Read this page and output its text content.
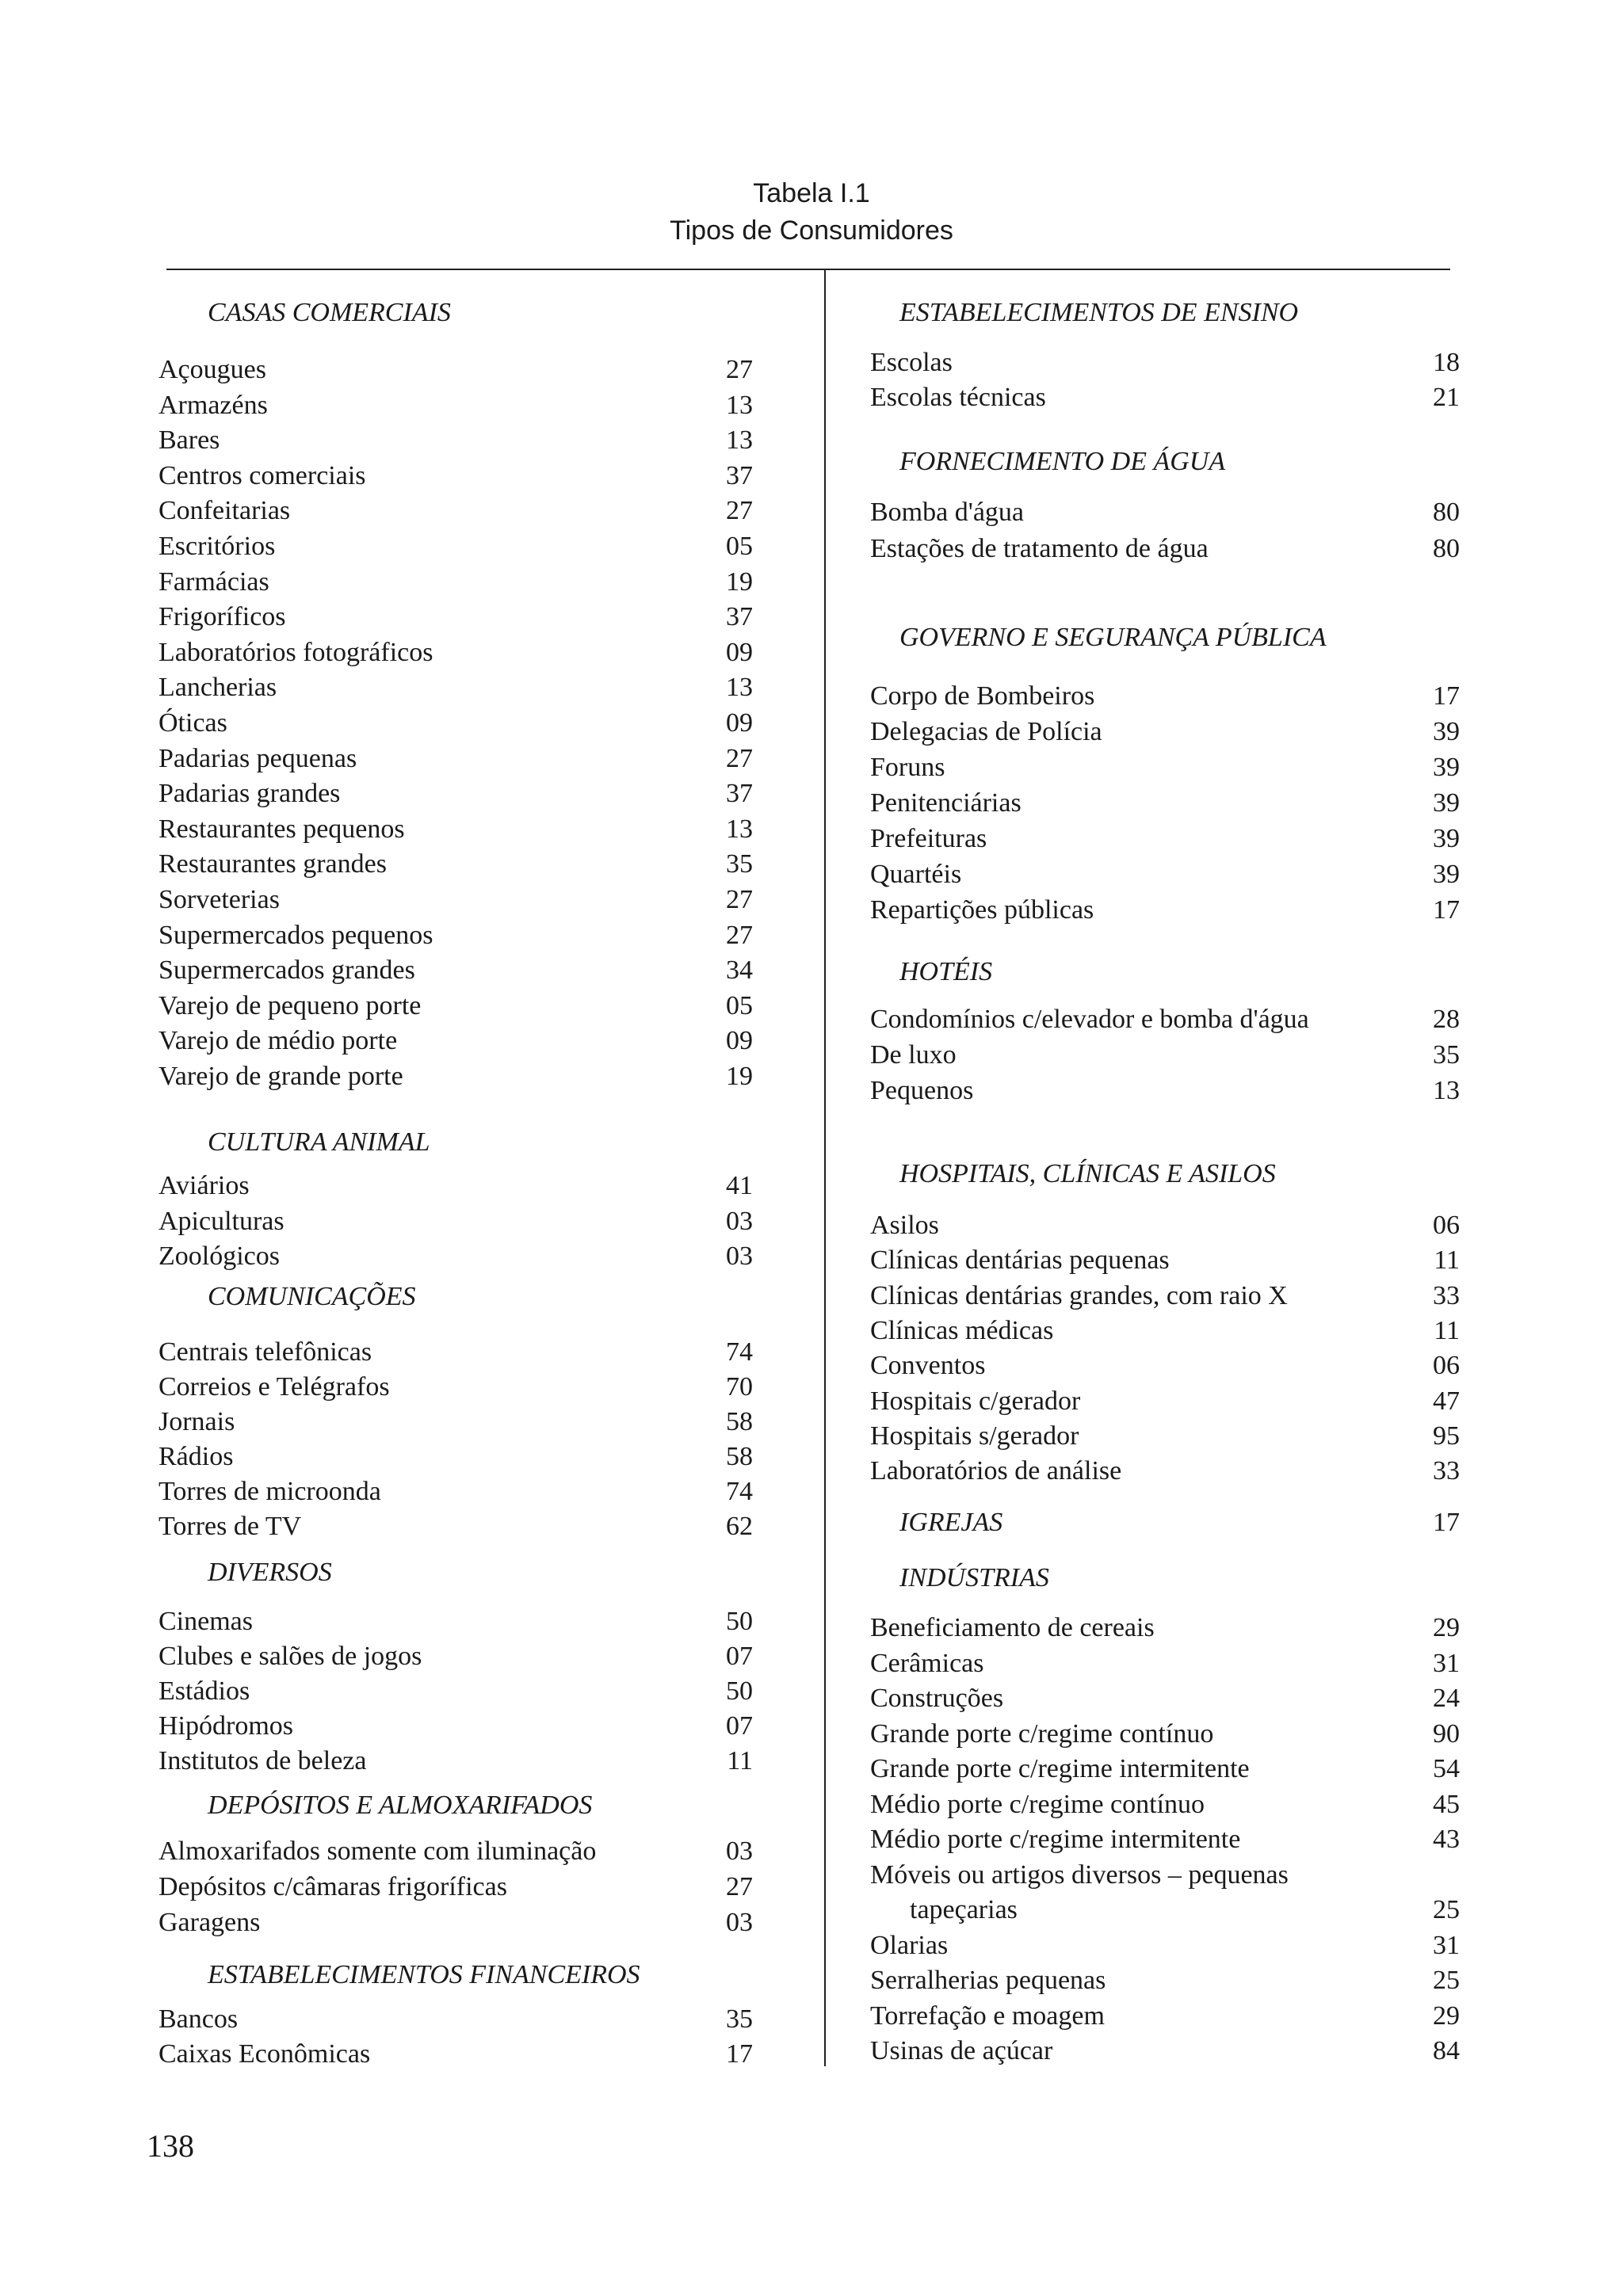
Tabela I.1
Tipos de Consumidores
CASAS COMERCIAIS
Açougues	27
Armazéns	13
Bares	13
Centros comerciais	37
Confeitarias	27
Escritórios	05
Farmácias	19
Frigoríficos	37
Laboratórios fotográficos	09
Lancherias	13
Óticas	09
Padarias pequenas	27
Padarias grandes	37
Restaurantes pequenos	13
Restaurantes grandes	35
Sorveterias	27
Supermercados pequenos	27
Supermercados grandes	34
Varejo de pequeno porte	05
Varejo de médio porte	09
Varejo de grande porte	19
CULTURA ANIMAL
Aviários	41
Apiculturas	03
Zoológicos	03
COMUNICAÇÕES
Centrais telefônicas	74
Correios e Telégrafos	70
Jornais	58
Rádios	58
Torres de microonda	74
Torres de TV	62
DIVERSOS
Cinemas	50
Clubes e salões de jogos	07
Estádios	50
Hipódromos	07
Institutos de beleza	11
DEPÓSITOS E ALMOXARIFADOS
Almoxarifados somente com iluminação	03
Depósitos c/câmaras frigoríficas	27
Garagens	03
ESTABELECIMENTOS FINANCEIROS
Bancos	35
Caixas Econômicas	17
ESTABELECIMENTOS DE ENSINO
Escolas	18
Escolas técnicas	21
FORNECIMENTO DE ÁGUA
Bomba d'água	80
Estações de tratamento de água	80
GOVERNO E SEGURANÇA PÚBLICA
Corpo de Bombeiros	17
Delegacias de Polícia	39
Foruns	39
Penitenciárias	39
Prefeituras	39
Quartéis	39
Repartições públicas	17
HOTÉIS
Condomínios c/elevador e bomba d'água	28
De luxo	35
Pequenos	13
HOSPITAIS, CLÍNICAS E ASILOS
Asilos	06
Clínicas dentárias pequenas	11
Clínicas dentárias grandes, com raio X	33
Clínicas médicas	11
Conventos	06
Hospitais c/gerador	47
Hospitais s/gerador	95
Laboratórios de análise	33
IGREJAS	17
INDÚSTRIAS
Beneficiamento de cereais	29
Cerâmicas	31
Construções	24
Grande porte c/regime contínuo	90
Grande porte c/regime intermitente	54
Médio porte c/regime contínuo	45
Médio porte c/regime intermitente	43
Móveis ou artigos diversos – pequenas
tapeçarias	25
Olarias	31
Serralherias pequenas	25
Torrefação e moagem	29
Usinas de açúcar	84
138
